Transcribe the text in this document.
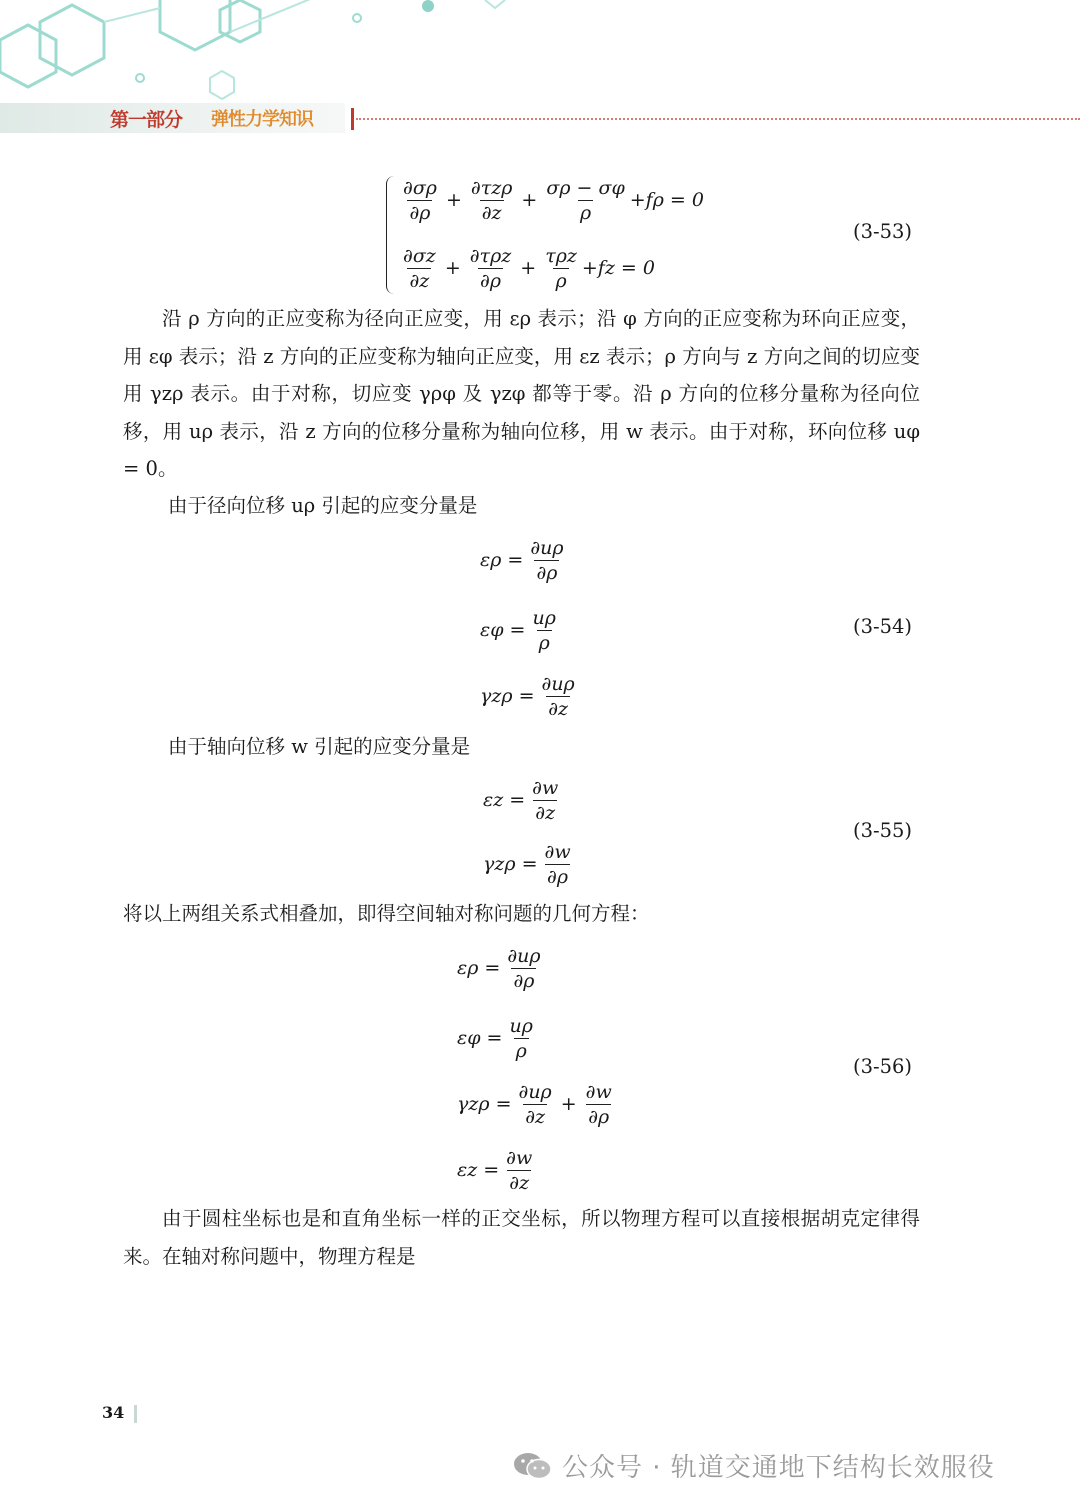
第一部分 弹性力学知识
$\frac{\partial\sigma\rho}{\partial\rho} + \frac{\text{∂τzρ}}{\partial z} + \frac{\sigma\rho - \sigma\varphi}{\rho} +f\rho = 0$
$\frac{\partial\sigma z}{\partial z} + \frac{\text{∂τρz}}{\partial\rho} + \frac{\text{τρz}}{\rho} +fz = 0$
(3-53)

沿 ρ 方向的正应变称为径向正应变，用 ερ 表示；沿 φ 方向的正应变称为环向正应变，用 εφ 表示；沿 z 方向的正应变称为轴向正应变，用 εz 表示；ρ 方向与 z 方向之间的切应变用 γzρ 表示。由于对称，切应变 γρφ 及 γzφ 都等于零。沿 ρ 方向的位移分量称为径向位移，用 uρ 表示，沿 z 方向的位移分量称为轴向位移，用 w 表示。由于对称，环向位移 uφ = 0。

由于径向位移 uρ 引起的应变分量是
$\varepsilon\rho = \frac{\partial u\rho}{\partial\rho}$
$\varepsilon\varphi = \frac{u\rho}{\rho}$
$\gamma z\rho = \frac{\partial u\rho}{\partial z}$
(3-54)
由于轴向位移 w 引起的应变分量是
$\varepsilon z = \frac{\partial w}{\partial z}$
$\gamma z\rho = \frac{\partial w}{\partial\rho}$
(3-55)
将以上两组关系式相叠加，即得空间轴对称问题的几何方程：
$\varepsilon\rho = \frac{\partial u\rho}{\partial\rho}$
$\varepsilon\varphi = \frac{u\rho}{\rho}$
$\gamma z\rho = \frac{\partial u\rho}{\partial z} + \frac{\partial w}{\partial\rho}$
$\varepsilon z = \frac{\partial w}{\partial z}$
(3-56)

由于圆柱坐标也是和直角坐标一样的正交坐标，所以物理方程可以直接根据胡克定律得来。在轴对称问题中，物理方程是

34
公众号 · 轨道交通地下结构长效服役
